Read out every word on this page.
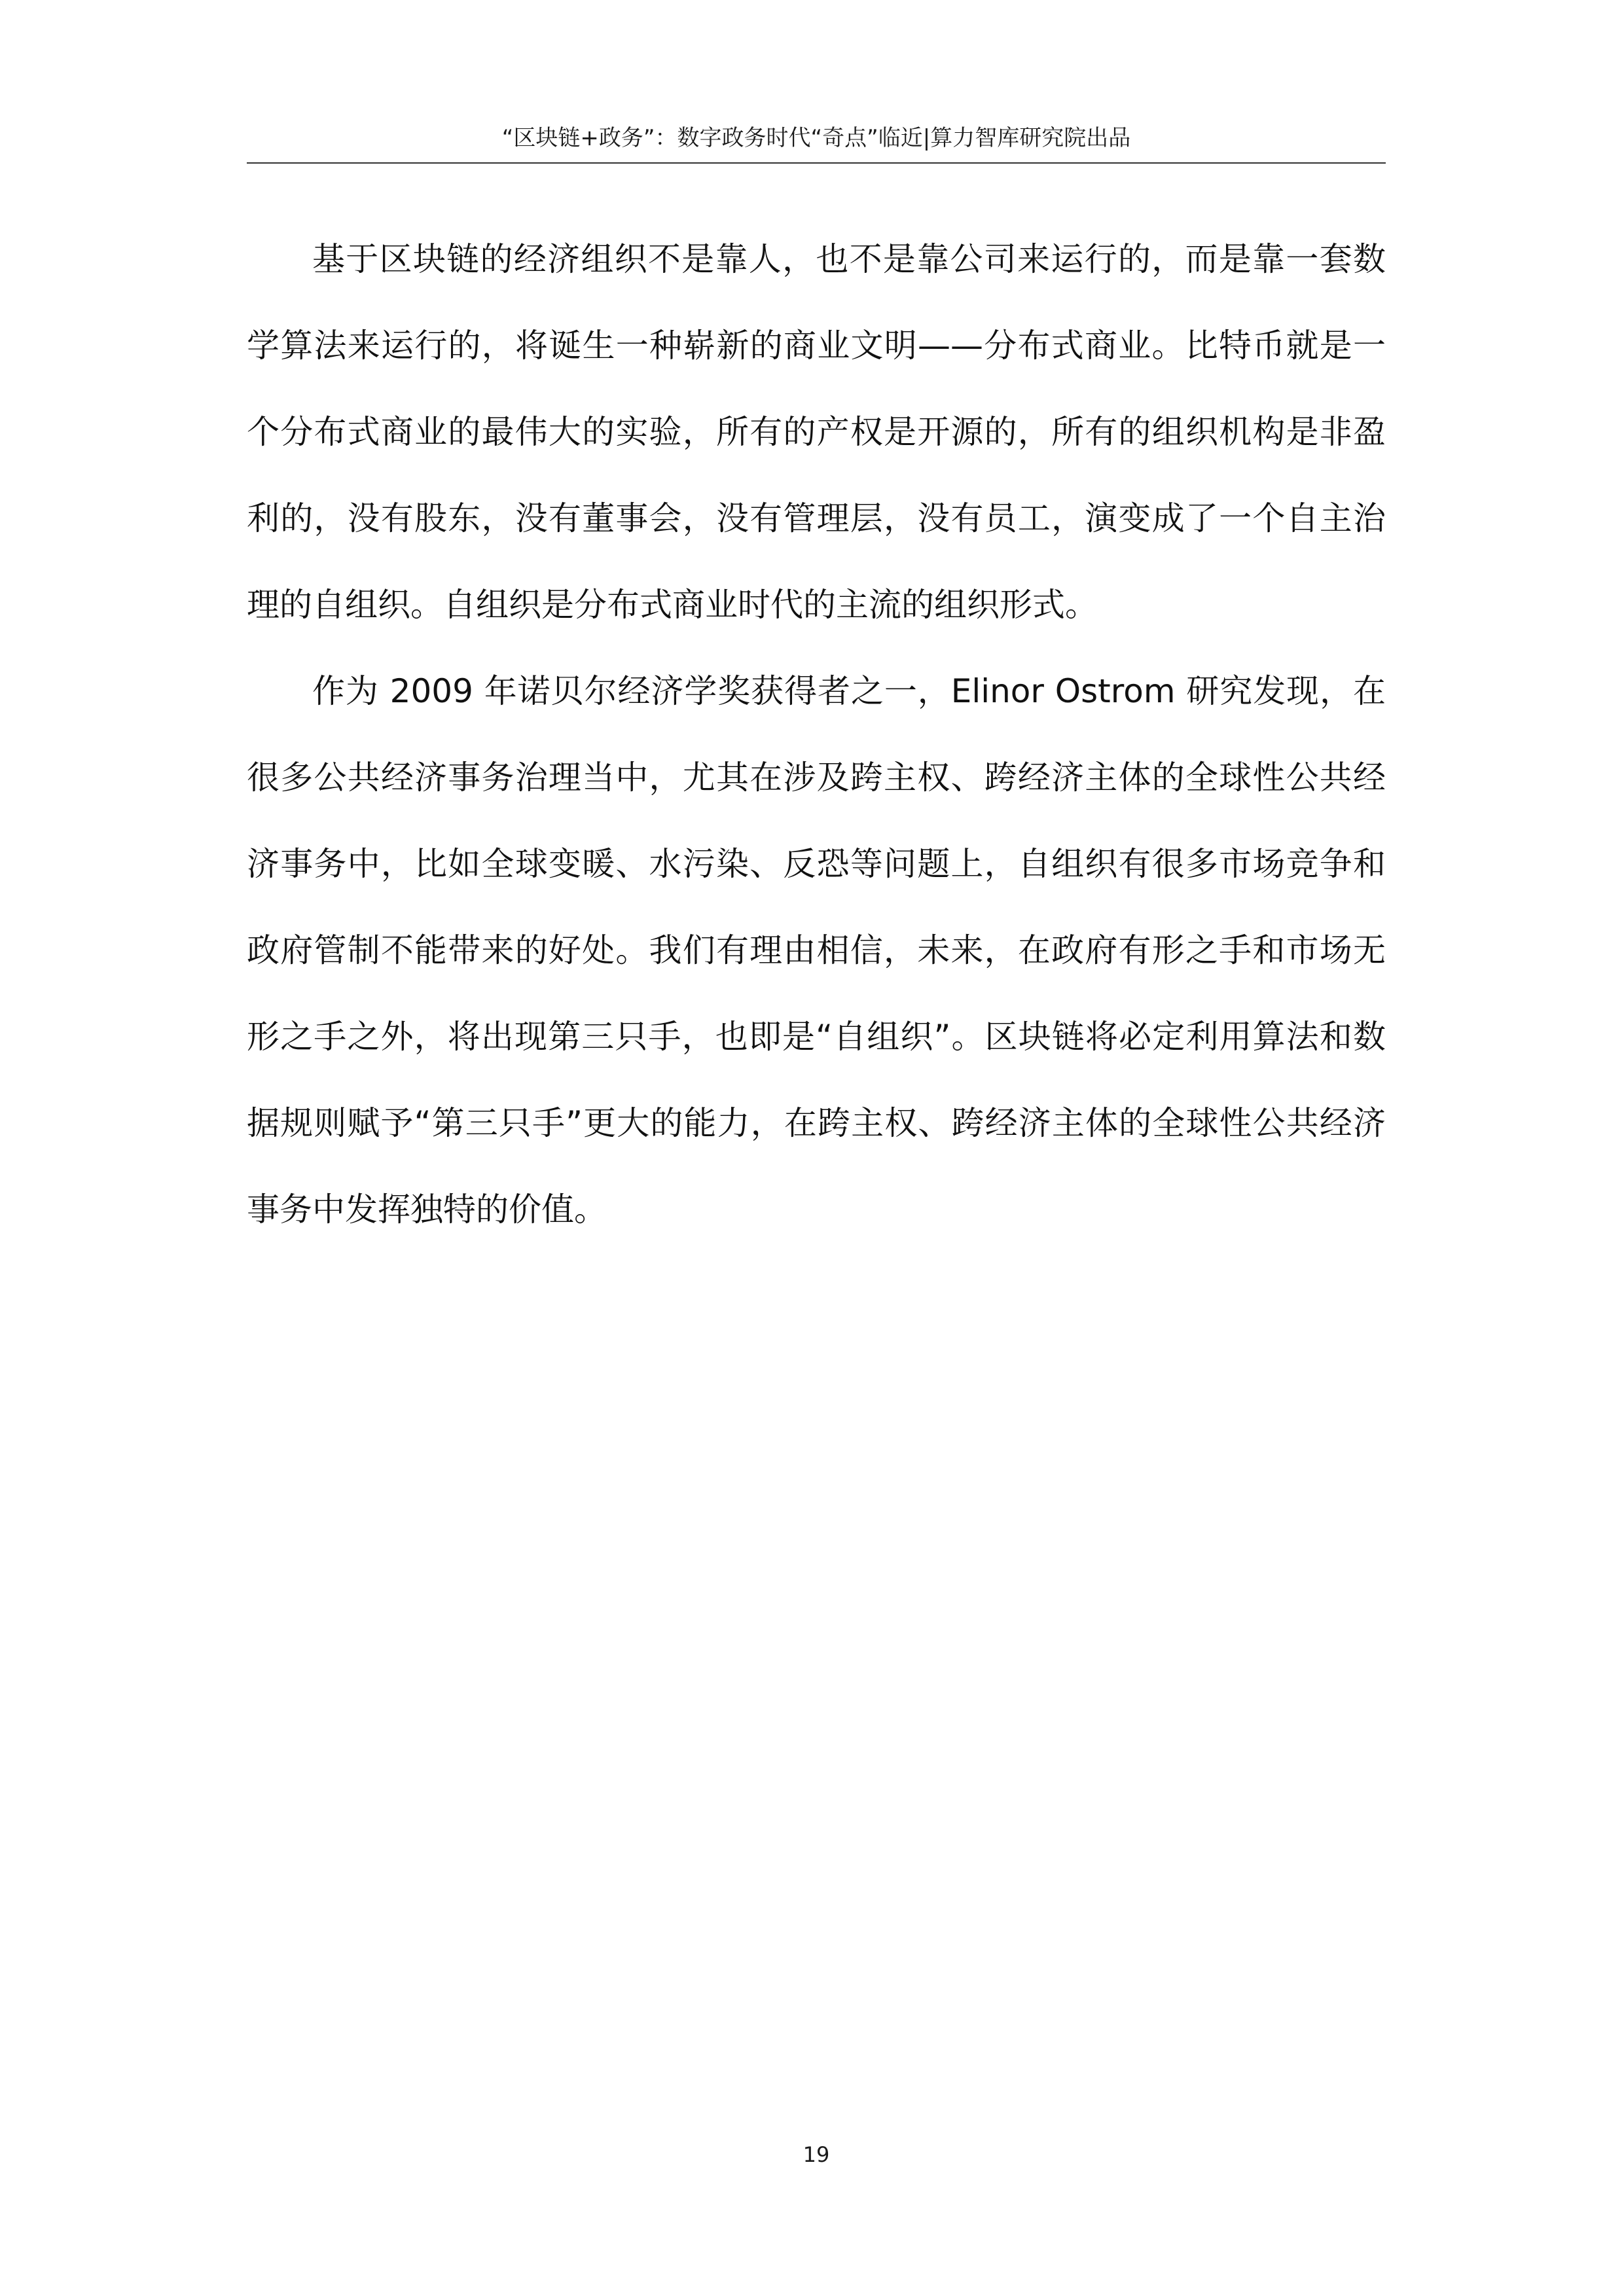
“区块链+政务”：数字政务时代“奇点”临近|算力智库研究院出品

基于区块链的经济组织不是靠人，也不是靠公司来运行的，而是靠一套数学算法来运行的，将诞生一种崭新的商业文明——分布式商业。比特币就是一个分布式商业的最伟大的实验，所有的产权是开源的，所有的组织机构是非盈利的，没有股东，没有董事会，没有管理层，没有员工，演变成了一个自主治理的自组织。自组织是分布式商业时代的主流的组织形式。

作为 2009 年诺贝尔经济学奖获得者之一，Elinor Ostrom 研究发现，在很多公共经济事务治理当中，尤其在涉及跨主权、跨经济主体的全球性公共经济事务中，比如全球变暖、水污染、反恐等问题上，自组织有很多市场竞争和政府管制不能带来的好处。我们有理由相信，未来，在政府有形之手和市场无形之手之外，将出现第三只手，也即是“自组织”。区块链将必定利用算法和数据规则赋予“第三只手”更大的能力，在跨主权、跨经济主体的全球性公共经济事务中发挥独特的价值。

19
